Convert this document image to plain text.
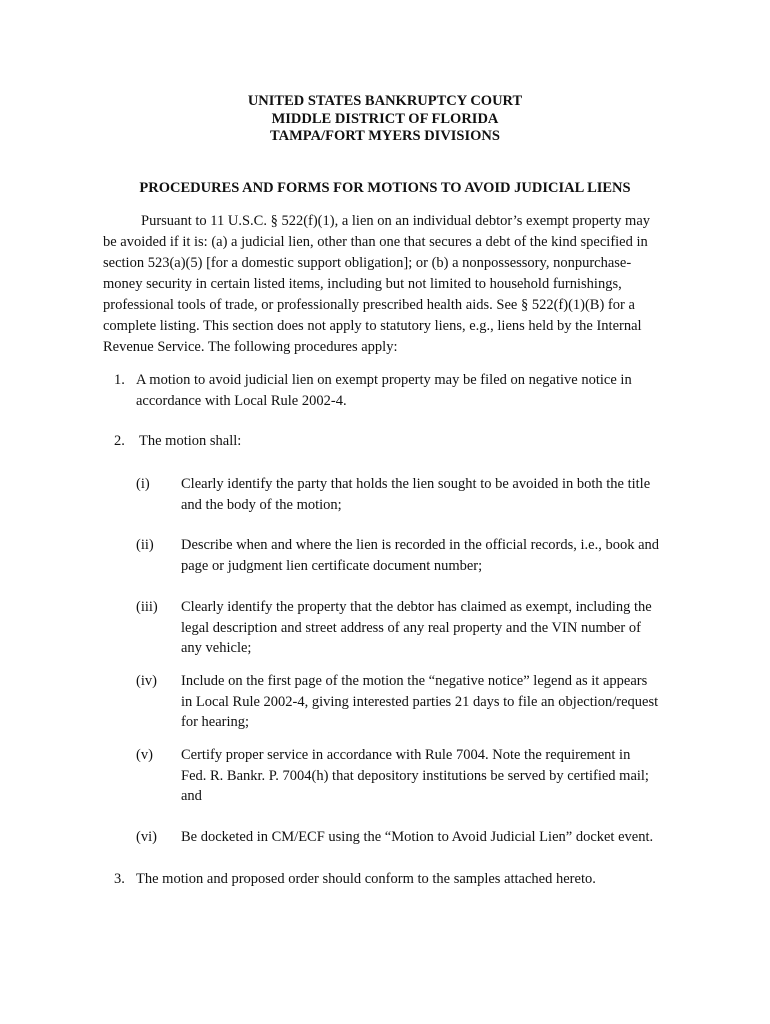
UNITED STATES BANKRUPTCY COURT
MIDDLE DISTRICT OF FLORIDA
TAMPA/FORT MYERS DIVISIONS
PROCEDURES AND FORMS FOR MOTIONS TO AVOID JUDICIAL LIENS
Pursuant to 11 U.S.C. § 522(f)(1), a lien on an individual debtor’s exempt property may
be avoided if it is: (a) a judicial lien, other than one that secures a debt of the kind specified in
section 523(a)(5) [for a domestic support obligation]; or (b) a nonpossessory, nonpurchase-
money security in certain listed items, including but not limited to household furnishings,
professional tools of trade, or professionally prescribed health aids. See § 522(f)(1)(B) for a
complete listing. This section does not apply to statutory liens, e.g., liens held by the Internal
Revenue Service. The following procedures apply:
1. A motion to avoid judicial lien on exempt property may be filed on negative notice in
accordance with Local Rule 2002-4.
2. The motion shall:
(i) Clearly identify the party that holds the lien sought to be avoided in both the title
and the body of the motion;
(ii) Describe when and where the lien is recorded in the official records, i.e., book and
page or judgment lien certificate document number;
(iii) Clearly identify the property that the debtor has claimed as exempt, including the
legal description and street address of any real property and the VIN number of
any vehicle;
(iv) Include on the first page of the motion the “negative notice” legend as it appears
in Local Rule 2002-4, giving interested parties 21 days to file an objection/request
for hearing;
(v) Certify proper service in accordance with Rule 7004. Note the requirement in
Fed. R. Bankr. P. 7004(h) that depository institutions be served by certified mail;
and
(vi) Be docketed in CM/ECF using the “Motion to Avoid Judicial Lien” docket event.
3. The motion and proposed order should conform to the samples attached hereto.
